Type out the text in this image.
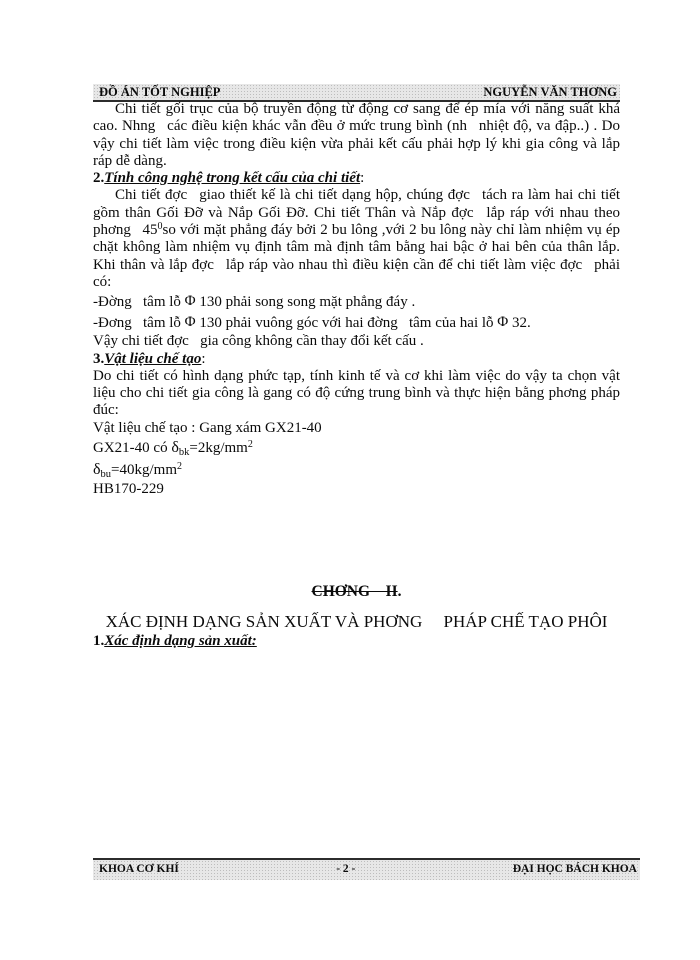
ĐỒ ÁN TỐT NGHIỆP	NGUYỄN VĂN THƠNG

Chi tiết gối trục của bộ truyền động từ động cơ sang để ép mía với năng suất khá cao. Nhng  các điều kiện khác vẫn đều ở mức trung bình (nh  nhiệt độ, va đập..) . Do vậy chi tiết làm việc trong điều kiện vừa phải kết cấu phải hợp lý khi gia công và lắp ráp dễ dàng.

2.Tính công nghệ trong kết cấu của chi tiết:

Chi tiết đợc  giao thiết kế là chi tiết dạng hộp, chúng đợc  tách ra làm hai chi tiết gồm thân Gối Đỡ và Nắp Gối Đỡ. Chi tiết Thân và Nắp đợc  lắp ráp với nhau theo phơng  $45^0so$ với mặt phẳng đáy bởi 2 bu lông ,với 2 bu lông này chỉ làm nhiệm vụ ép chặt không làm nhiệm vụ định tâm mà định tâm bằng hai bậc ở hai bên của thân lắp. Khi thân và lắp đợc  lắp ráp vào nhau thì điều kiện cần để chi tiết làm việc đợc  phải có:

-Đờng  tâm lỗ Φ 130 phải song song mặt phẳng đáy .

-Đơng  tâm lỗ Φ 130 phải vuông góc với hai đờng  tâm của hai lỗ Φ 32.

Vậy chi tiết đợc  gia công không cần thay đổi kết cấu .

3.Vật liệu chế tạo:

Do chi tiết có hình dạng phức tạp, tính kinh tế và cơ khi làm việc do vậy ta chọn vật liệu cho chi tiết gia công là gang có độ cứng trung bình và thực hiện bằng phơng pháp đúc:

Vật liệu chế tạo : Gang xám GX21-40

GX21-40 có $\delta_{bk}=2kg/mm^2$

$\delta_{bu}=40kg/mm^2$

HB170-229

CHƠNG  II.
XÁC ĐỊNH DẠNG SẢN XUẤT VÀ PHƠNG   PHÁP CHẾ TẠO PHÔI

1.Xác định dạng sản xuất:

KHOA CƠ KHÍ	- 2 -	ĐẠI HỌC BÁCH KHOA
